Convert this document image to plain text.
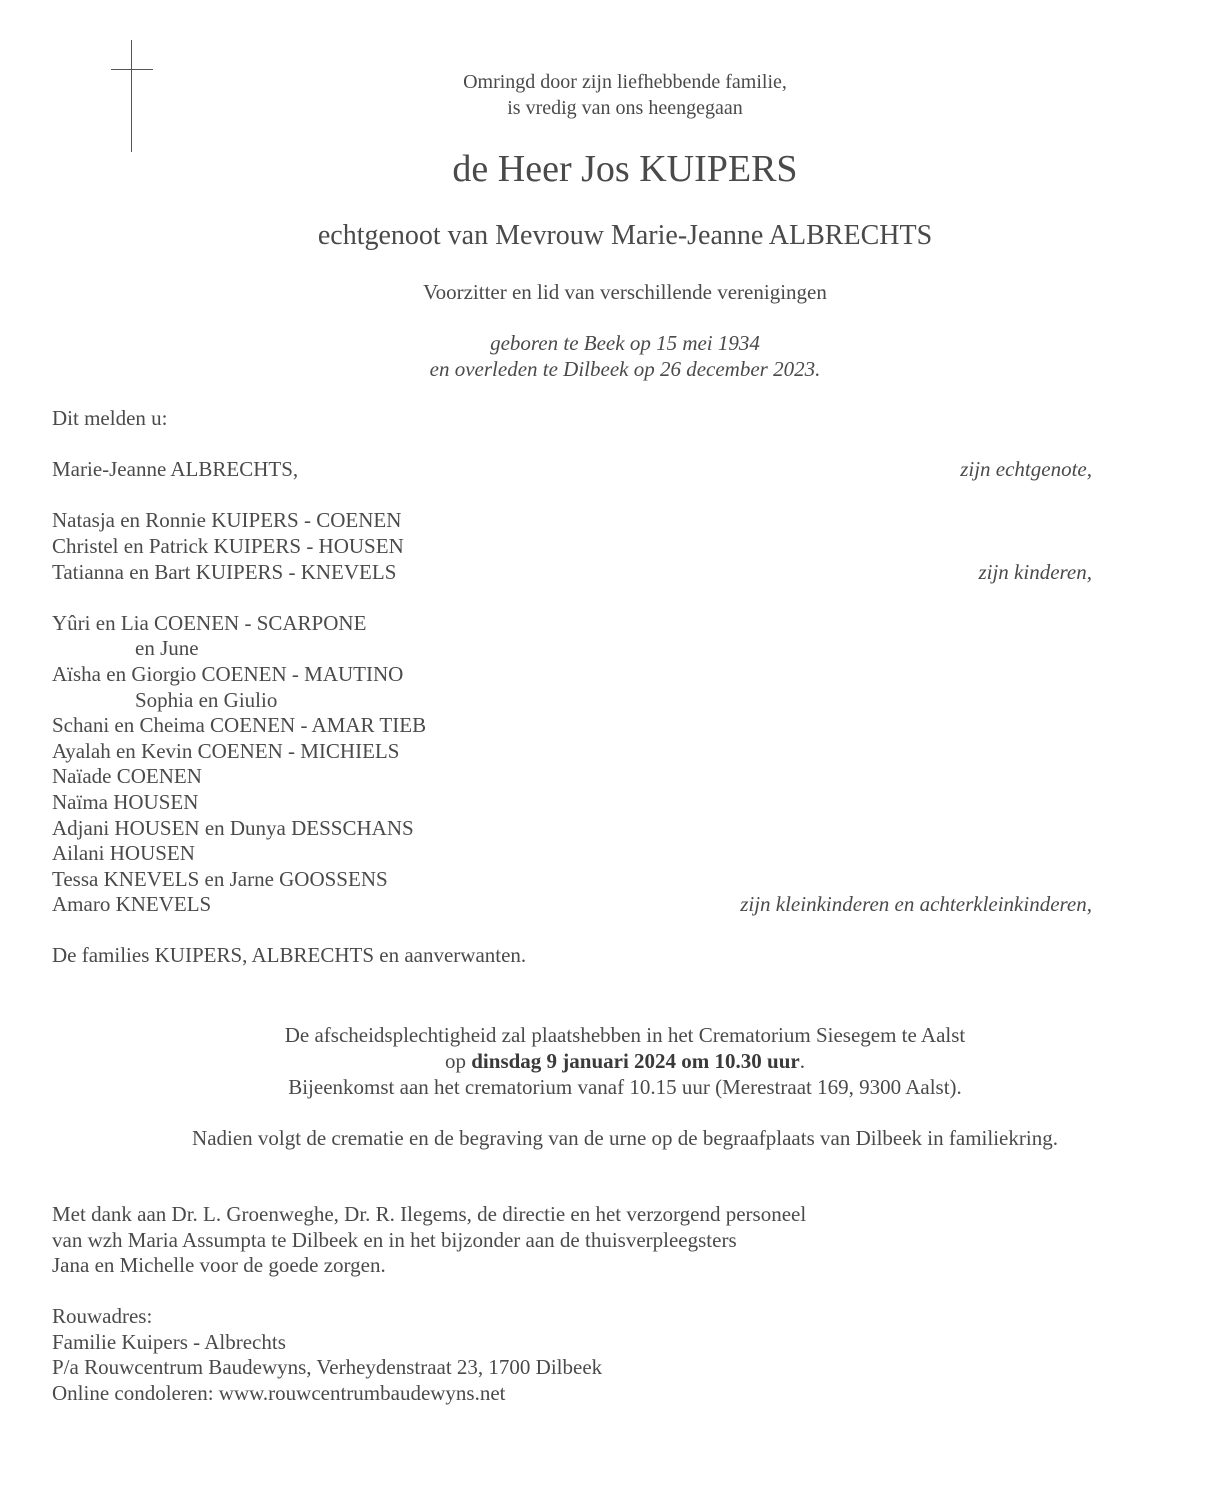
Omringd door zijn liefhebbende familie,
is vredig van ons heengegaan
de Heer Jos KUIPERS
echtgenoot van Mevrouw Marie-Jeanne ALBRECHTS
Voorzitter en lid van verschillende verenigingen
geboren te Beek op 15 mei 1934
en overleden te Dilbeek op 26 december 2023.
Dit melden u:
Marie-Jeanne ALBRECHTS,	zijn echtgenote,
Natasja en Ronnie KUIPERS - COENEN
Christel en Patrick KUIPERS - HOUSEN
Tatianna en Bart KUIPERS - KNEVELS	zijn kinderen,
Yûri en Lia COENEN - SCARPONE
en June
Aïsha en Giorgio COENEN - MAUTINO
Sophia en Giulio
Schani en Cheima COENEN - AMAR TIEB
Ayalah en Kevin COENEN - MICHIELS
Naïade COENEN
Naïma HOUSEN
Adjani HOUSEN en Dunya DESSCHANS
Ailani HOUSEN
Tessa KNEVELS en Jarne GOOSSENS
Amaro KNEVELS	zijn kleinkinderen en achterkleinkinderen,
De families KUIPERS, ALBRECHTS en aanverwanten.
De afscheidsplechtigheid zal plaatshebben in het Crematorium Siesegem te Aalst
op dinsdag 9 januari 2024 om 10.30 uur.
Bijeenkomst aan het crematorium vanaf 10.15 uur (Merestraat 169, 9300 Aalst).
Nadien volgt de crematie en de begraving van de urne op de begraafplaats van Dilbeek in familiekring.
Met dank aan Dr. L. Groenweghe, Dr. R. Ilegems, de directie en het verzorgend personeel
van wzh Maria Assumpta te Dilbeek en in het bijzonder aan de thuisverpleegsters
Jana en Michelle voor de goede zorgen.
Rouwadres:
Familie Kuipers - Albrechts
P/a Rouwcentrum Baudewyns, Verheydenstraat 23, 1700 Dilbeek
Online condoleren: www.rouwcentrumbaudewyns.net
